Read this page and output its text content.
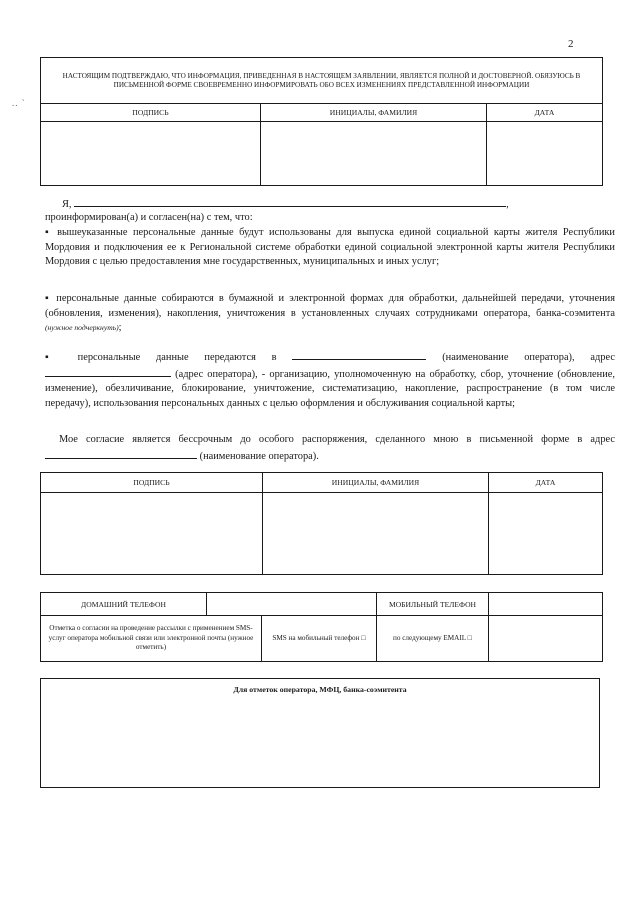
2
.. `
НАСТОЯЩИМ ПОДТВЕРЖДАЮ, ЧТО ИНФОРМАЦИЯ, ПРИВЕДЕННАЯ В НАСТОЯЩЕМ ЗАЯВЛЕНИИ, ЯВЛЯЕТСЯ ПОЛНОЙ И ДОСТОВЕРНОЙ. ОБЯЗУЮСЬ В ПИСЬМЕННОЙ ФОРМЕ СВОЕВРЕМЕННО ИНФОРМИРОВАТЬ ОБО ВСЕХ ИЗМЕНЕНИЯХ ПРЕДСТАВЛЕННОЙ ИНФОРМАЦИИ		
ПОДПИСЬ	ИНИЦИАЛЫ, ФАМИЛИЯ	ДАТА

Я,	,
проинформирован(а) и согласен(на) с тем, что:
▪ вышеуказанные персональные данные будут использованы для выпуска единой социальной карты жителя Республики Мордовия и подключения ее к Региональной системе обработки единой социальной электронной карты жителя Республики Мордовия с целью предоставления мне государственных, муниципальных и иных услуг;
▪ персональные данные собираются в бумажной и электронной формах для обработки, дальнейшей передачи, уточнения (обновления, изменения), накопления, уничтожения в установленных случаях сотрудниками оператора, банка-соэмитента (нужное подчеркнуть);
▪ персональные данные передаются в	(наименование оператора), адрес  (адрес оператора), - организацию, уполномоченную на обработку, сбор, уточнение (обновление, изменение), обезличивание, блокирование, уничтожение, систематизацию, накопление, распространение (в том числе передачу), использования персональных данных с целью оформления и обслуживания социальной карты;
Мое согласие является бессрочным до особого распоряжения, сделанного мною в письменной форме в адрес  (наименование оператора).
ПОДПИСЬ	ИНИЦИАЛЫ, ФАМИЛИЯ	ДАТА

ДОМАШНИЙ ТЕЛЕФОН			МОБИЛЬНЫЙ ТЕЛЕФОН	
Отметка о согласии на проведение рассылки с применением SMS-услуг оператора мобильной связи или электронной почты (нужное отметить)		SMS на мобильный телефон □	по следующему EMAIL □	
Для отметок оператора, МФЦ, банка-соэмитента
